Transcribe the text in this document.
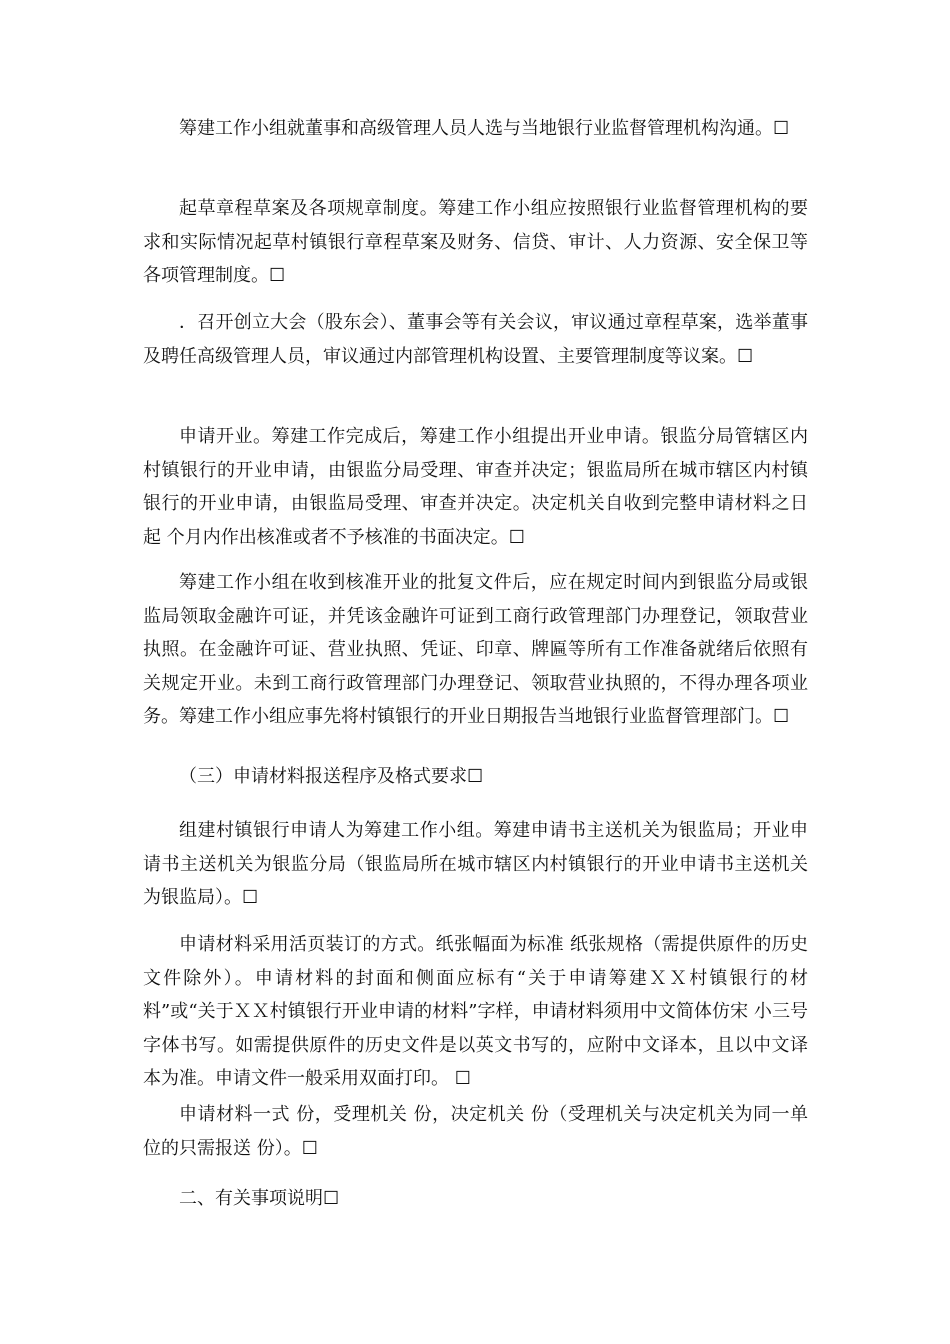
筹建工作小组就董事和高级管理人员人选与当地银行业监督管理机构沟通。☐

起草章程草案及各项规章制度。筹建工作小组应按照银行业监督管理机构的要求和实际情况起草村镇银行章程草案及财务、信贷、审计、人力资源、安全保卫等各项管理制度。☐

．召开创立大会（股东会）、董事会等有关会议，审议通过章程草案，选举董事及聘任高级管理人员，审议通过内部管理机构设置、主要管理制度等议案。☐

申请开业。筹建工作完成后，筹建工作小组提出开业申请。银监分局管辖区内村镇银行的开业申请，由银监分局受理、审查并决定；银监局所在城市辖区内村镇银行的开业申请，由银监局受理、审查并决定。决定机关自收到完整申请材料之日起 个月内作出核准或者不予核准的书面决定。☐

筹建工作小组在收到核准开业的批复文件后，应在规定时间内到银监分局或银监局领取金融许可证，并凭该金融许可证到工商行政管理部门办理登记，领取营业执照。在金融许可证、营业执照、凭证、印章、牌匾等所有工作准备就绪后依照有关规定开业。未到工商行政管理部门办理登记、领取营业执照的，不得办理各项业务。筹建工作小组应事先将村镇银行的开业日期报告当地银行业监督管理部门。☐

（三）申请材料报送程序及格式要求☐

组建村镇银行申请人为筹建工作小组。筹建申请书主送机关为银监局；开业申请书主送机关为银监分局（银监局所在城市辖区内村镇银行的开业申请书主送机关为银监局）。☐

申请材料采用活页装订的方式。纸张幅面为标准 纸张规格（需提供原件的历史文件除外）。申请材料的封面和侧面应标有“关于申请筹建ＸＸ村镇银行的材料”或“关于ＸＸ村镇银行开业申请的材料”字样，申请材料须用中文简体仿宋 小三号字体书写。如需提供原件的历史文件是以英文书写的，应附中文译本，且以中文译本为准。申请文件一般采用双面打印。 ☐

申请材料一式 份，受理机关 份，决定机关 份（受理机关与决定机关为同一单位的只需报送 份）。☐

二、有关事项说明☐
